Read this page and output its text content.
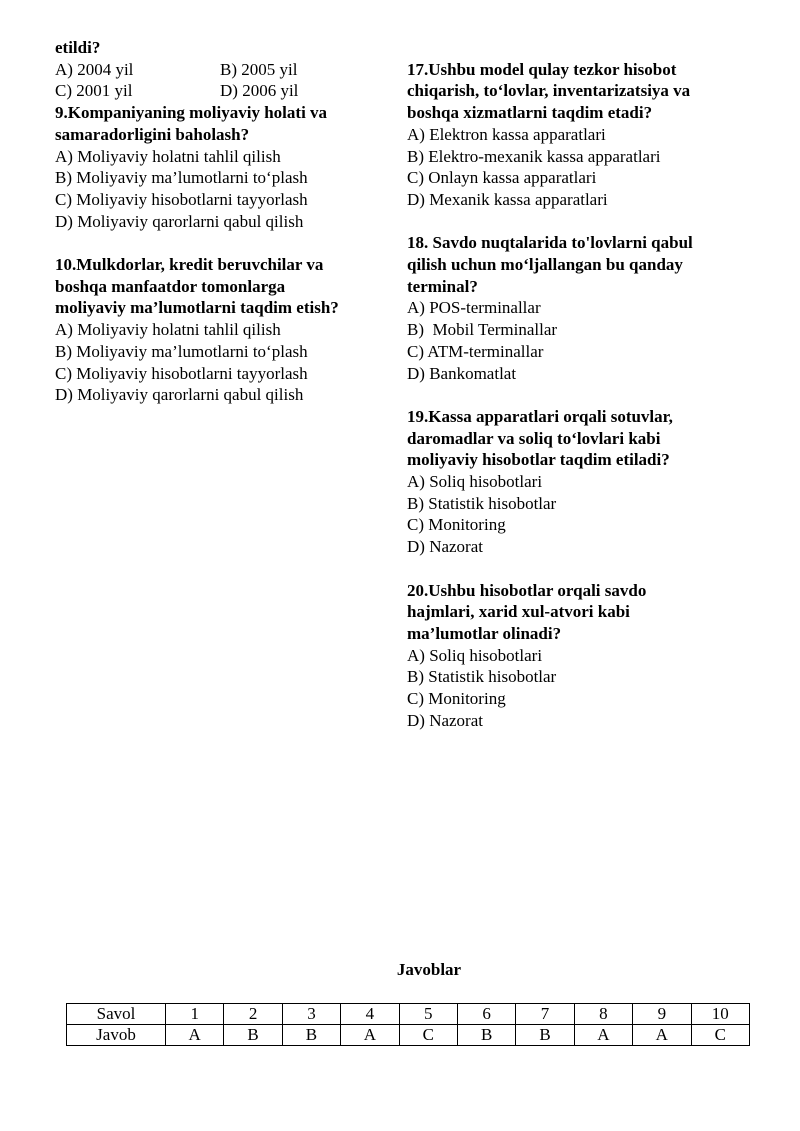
etildi?
A) 2004 yil	B) 2005 yil
C) 2001 yil	D) 2006 yil
9.Kompaniyaning moliyaviy holati va
samaradorligini baholash?
A) Moliyaviy holatni tahlil qilish
B) Moliyaviy ma’lumotlarni to‘plash
C) Moliyaviy hisobotlarni tayyorlash
D) Moliyaviy qarorlarni qabul qilish
10.Mulkdorlar, kredit beruvchilar va
boshqa manfaatdor tomonlarga
moliyaviy ma’lumotlarni taqdim etish?
A) Moliyaviy holatni tahlil qilish
B) Moliyaviy ma’lumotlarni to‘plash
C) Moliyaviy hisobotlarni tayyorlash
D) Moliyaviy qarorlarni qabul qilish
17.Ushbu model qulay tezkor hisobot
chiqarish, to‘lovlar, inventarizatsiya va
boshqa xizmatlarni taqdim etadi?
A) Elektron kassa apparatlari
B) Elektro-mexanik kassa apparatlari
C) Onlayn kassa apparatlari
D) Mexanik kassa apparatlari
18. Savdo nuqtalarida to'lovlarni qabul
qilish uchun mo‘ljallangan bu qanday
terminal?
A) POS-terminallar
B)  Mobil Terminallar
C) ATM-terminallar
D) Bankomatlat
19.Kassa apparatlari orqali sotuvlar,
daromadlar va soliq to‘lovlari kabi
moliyaviy hisobotlar taqdim etiladi?
A) Soliq hisobotlari
B) Statistik hisobotlar
C) Monitoring
D) Nazorat
20.Ushbu hisobotlar orqali savdo
hajmlari, xarid xul-atvori kabi
ma’lumotlar olinadi?
A) Soliq hisobotlari
B) Statistik hisobotlar
C) Monitoring
D) Nazorat
Javoblar
Savol	1	2	3	4	5	6	7	8	9	10
Javob	A	B	B	A	C	B	B	A	A	C
